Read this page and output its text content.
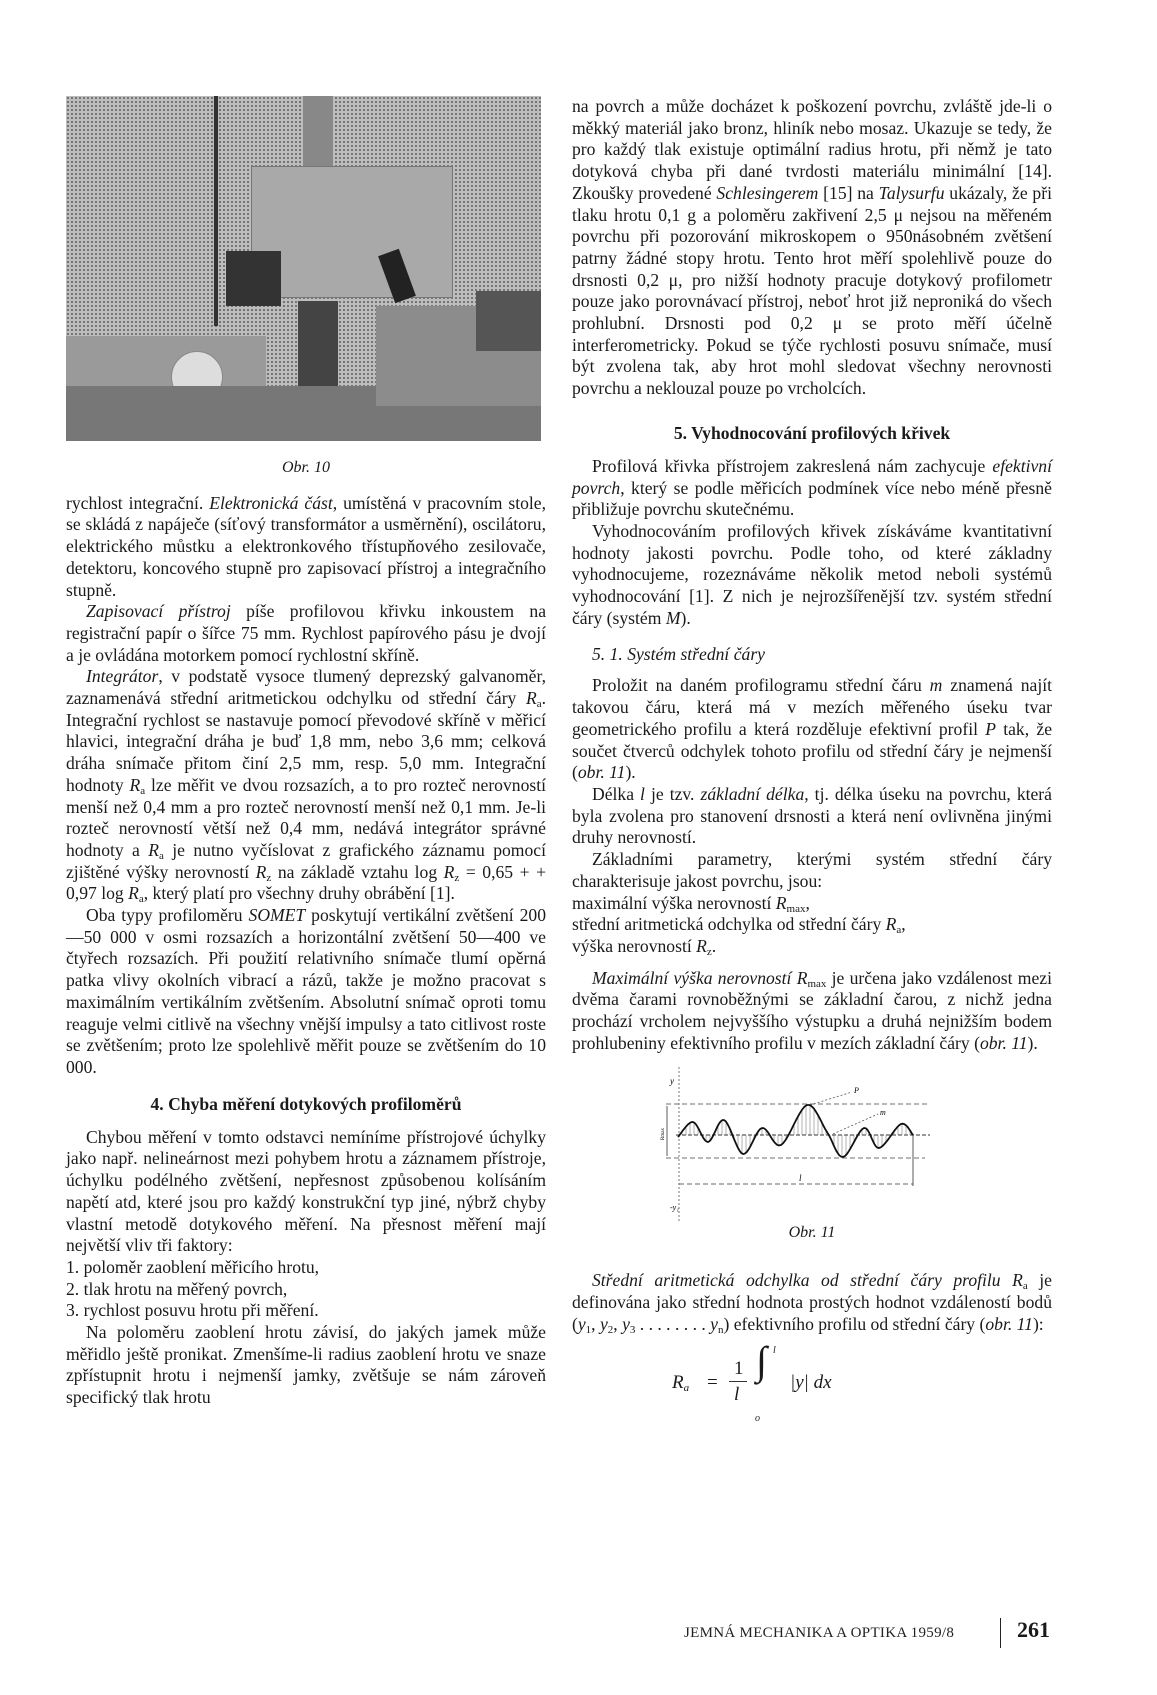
Obr. 10

rychlost integrační. Elektronická část, umístěná v pracovním stole, se skládá z napáječe (síťový transformátor a usměrnění), oscilátoru, elektrického můstku a elektronkového třístupňového zesilovače, detektoru, koncového stupně pro zapisovací přístroj a integračního stupně.

Zapisovací přístroj píše profilovou křivku inkoustem na registrační papír o šířce 75 mm. Rychlost papírového pásu je dvojí a je ovládána motorkem pomocí rychlostní skříně.

Integrátor, v podstatě vysoce tlumený deprezský galvanoměr, zaznamenává střední aritmetickou odchylku od střední čáry $R_a$. Integrační rychlost se nastavuje pomocí převodové skříně v měřicí hlavici, integrační dráha je buď 1,8 mm, nebo 3,6 mm; celková dráha snímače přitom činí 2,5 mm, resp. 5,0 mm. Integrační hodnoty $R_a$ lze měřit ve dvou rozsazích, a to pro rozteč nerovností menší než 0,4 mm a pro rozteč nerovností menší než 0,1 mm. Je-li rozteč nerovností větší než 0,4 mm, nedává integrátor správné hodnoty a $R_a$ je nutno vyčíslovat z grafického záznamu pomocí zjištěné výšky nerovností $R_z$ na základě vztahu $\log R_z = 0,65$ + + 0,97 $\log R_a$, který platí pro všechny druhy obrábění [1].

Oba typy profiloměru SOMET poskytují vertikální zvětšení 200—50 000 v osmi rozsazích a horizontální zvětšení 50—400 ve čtyřech rozsazích. Při použití relativního snímače tlumí opěrná patka vlivy okolních vibrací a rázů, takže je možno pracovat s maximálním vertikálním zvětšením. Absolutní snímač oproti tomu reaguje velmi citlivě na všechny vnější impulsy a tato citlivost roste se zvětšením; proto lze spolehlivě měřit pouze se zvětšením do 10 000.

4. Chyba měření dotykových profiloměrů

Chybou měření v tomto odstavci nemíníme přístrojové úchylky jako např. nelineárnost mezi pohybem hrotu a záznamem přístroje, úchylku podélného zvětšení, nepřesnost způsobenou kolísáním napětí atd, které jsou pro každý konstrukční typ jiné, nýbrž chyby vlastní metodě dotykového měření. Na přesnost měření mají největší vliv tři faktory:

1. poloměr zaoblení měřicího hrotu,

2. tlak hrotu na měřený povrch,

3. rychlost posuvu hrotu při měření.

Na poloměru zaoblení hrotu závisí, do jakých jamek může měřidlo ještě pronikat. Zmenšíme-li radius zaoblení hrotu ve snaze zpřístupnit hrotu i nejmenší jamky, zvětšuje se nám zároveň specifický tlak hrotu

na povrch a může docházet k poškození povrchu, zvláště jde-li o měkký materiál jako bronz, hliník nebo mosaz. Ukazuje se tedy, že pro každý tlak existuje optimální radius hrotu, při němž je tato dotyková chyba při dané tvrdosti materiálu minimální [14]. Zkoušky provedené Schlesingerem [15] na Talysurfu ukázaly, že při tlaku hrotu 0,1 g a poloměru zakřivení 2,5 μ nejsou na měřeném povrchu při pozorování mikroskopem o 950násobném zvětšení patrny žádné stopy hrotu. Tento hrot měří spolehlivě pouze do drsnosti 0,2 μ, pro nižší hodnoty pracuje dotykový profilometr pouze jako porovnávací přístroj, neboť hrot již neproniká do všech prohlubní. Drsnosti pod 0,2 μ se proto měří účelně interferometricky. Pokud se týče rychlosti posuvu snímače, musí být zvolena tak, aby hrot mohl sledovat všechny nerovnosti povrchu a neklouzal pouze po vrcholcích.

5. Vyhodnocování profilových křivek

Profilová křivka přístrojem zakreslená nám zachycuje efektivní povrch, který se podle měřicích podmínek více nebo méně přesně přibližuje povrchu skutečnému.

Vyhodnocováním profilových křivek získáváme kvantitativní hodnoty jakosti povrchu. Podle toho, od které základny vyhodnocujeme, rozeznáváme několik metod neboli systémů vyhodnocování [1]. Z nich je nejrozšířenější tzv. systém střední čáry (systém M).

5. 1. Systém střední čáry

Proložit na daném profilogramu střední čáru m znamená najít takovou čáru, která má v mezích měřeného úseku tvar geometrického profilu a která rozděluje efektivní profil P tak, že součet čtverců odchylek tohoto profilu od střední čáry je nejmenší (obr. 11).

Délka l je tzv. základní délka, tj. délka úseku na povrchu, která byla zvolena pro stanovení drsnosti a která není ovlivněna jinými druhy nerovností.

Základními parametry, kterými systém střední čáry charakterisuje jakost povrchu, jsou:

maximální výška nerovností $R_{max}$,

střední aritmetická odchylka od střední čáry $R_a$,

výška nerovností $R_z$.

Maximální výška nerovností $R_{max}$ je určena jako vzdálenost mezi dvěma čarami rovnoběžnými se základní čarou, z nichž jedna prochází vrcholem nejvyššího výstupku a druhá nejnižším bodem prohlubeniny efektivního profilu v mezích základní čáry (obr. 11).

y
-y₁
P
m
l
Rmax
Obr. 11

Střední aritmetická odchylka od střední čáry profilu $R_a$ je definována jako střední hodnota prostých hodnot vzdáleností bodů ($y_1$, $y_2$, $y_3$ . . . . . . . . $y_n$) efektivního profilu od střední čáry (obr. 11):

$R_a$ =
1
l
∫ l
o
|y| dx
JEMNÁ MECHANIKA A OPTIKA 1959/8	261
